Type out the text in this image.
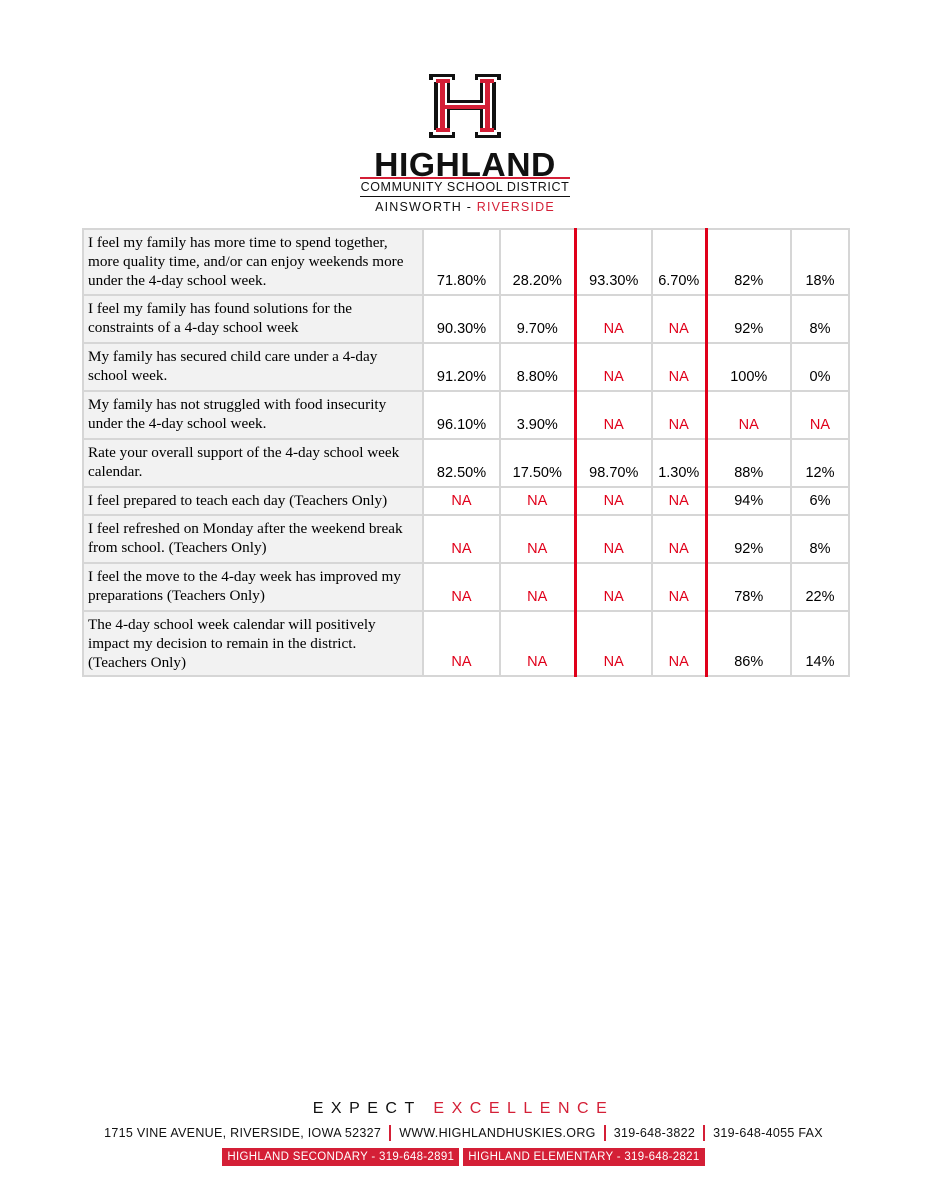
HIGHLAND
COMMUNITY SCHOOL DISTRICT
AINSWORTH - RIVERSIDE
I feel my family has more time to spend together, more quality time, and/or can enjoy weekends more under the 4-day school week.	71.80%	28.20%	93.30%	6.70%	82%	18%
I feel my family has found solutions for the constraints of a 4-day school week	90.30%	9.70%	NA	NA	92%	8%
My family has secured child care under a 4-day school week.	91.20%	8.80%	NA	NA	100%	0%
My family has not struggled with food insecurity under the 4-day school week.	96.10%	3.90%	NA	NA	NA	NA
Rate your overall support of the 4-day school week calendar.	82.50%	17.50%	98.70%	1.30%	88%	12%
I feel prepared to teach each day (Teachers Only)	NA	NA	NA	NA	94%	6%
I feel refreshed on Monday after the weekend break from school. (Teachers Only)	NA	NA	NA	NA	92%	8%
I feel the move to the 4-day week has improved my preparations (Teachers Only)	NA	NA	NA	NA	78%	22%
The 4-day school week calendar will positively impact my decision to remain in the district. (Teachers Only)	NA	NA	NA	NA	86%	14%
EXPECT EXCELLENCE
1715 VINE AVENUE, RIVERSIDE, IOWA 52327 WWW.HIGHLANDHUSKIES.ORG 319-648-3822 319-648-4055 FAX
HIGHLAND SECONDARY - 319-648-2891 HIGHLAND ELEMENTARY - 319-648-2821
